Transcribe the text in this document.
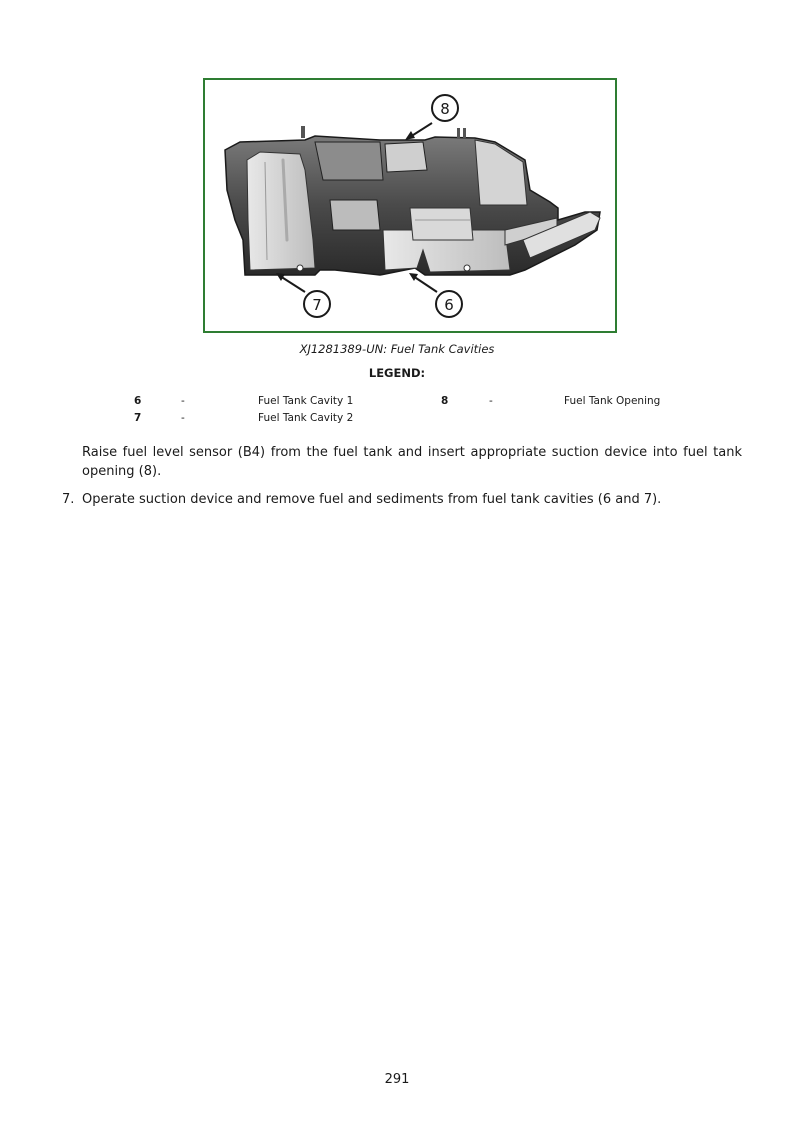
8
7	6
XJ1281389-UN: Fuel Tank Cavities
LEGEND:
6	-	Fuel Tank Cavity 1
7	-	Fuel Tank Cavity 2
8	-	Fuel Tank Opening
Raise fuel level sensor (B4) from the fuel tank and insert appropriate suction device into fuel tank opening (8).
7. Operate suction device and remove fuel and sediments from fuel tank cavities (6 and 7).
291
